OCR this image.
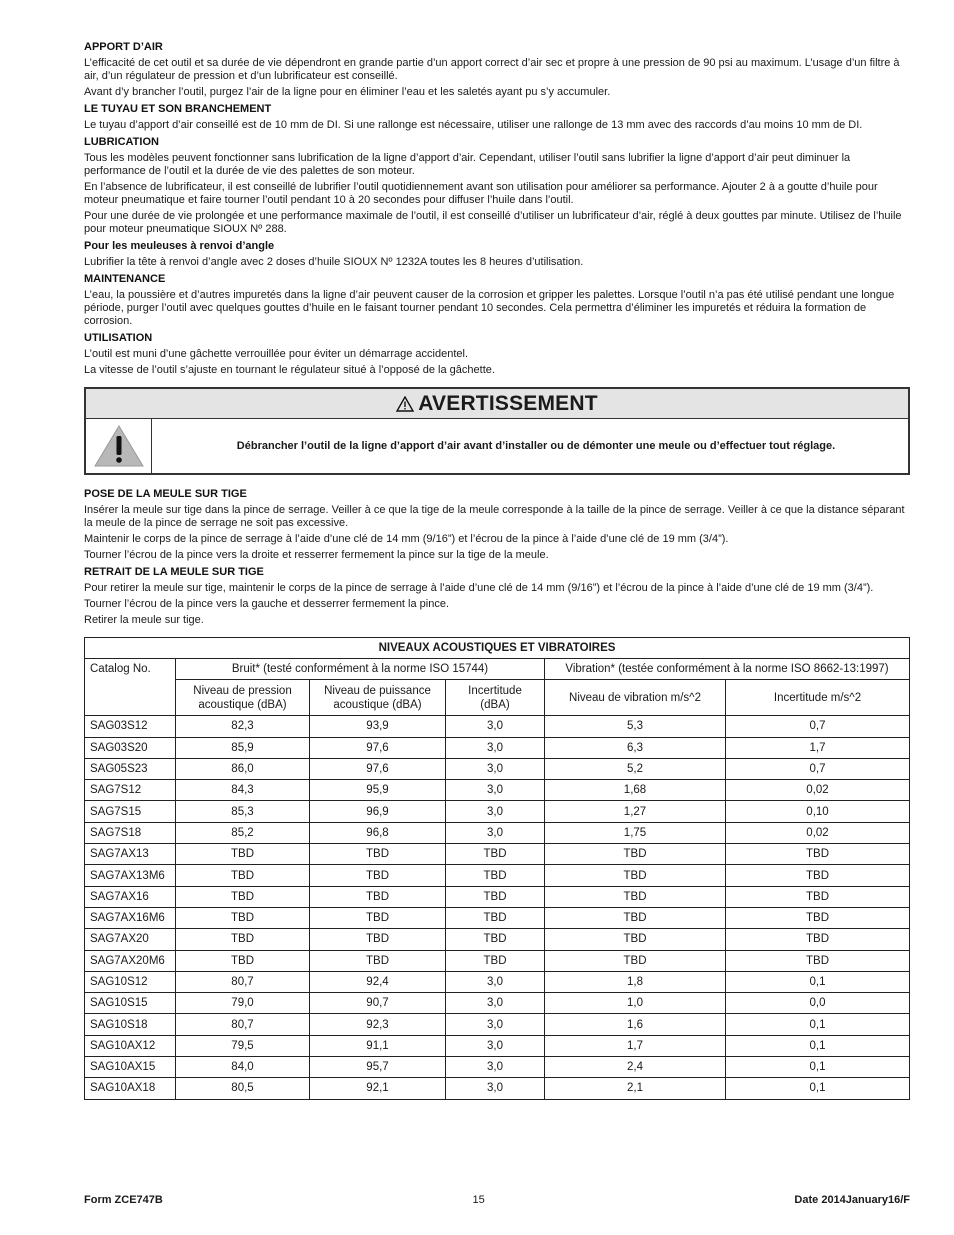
APPORT D’AIR

L’efficacité de cet outil et sa durée de vie dépendront en grande partie d’un apport correct d’air sec et propre à une pression de 90 psi au maximum. L’usage d’un filtre à air, d’un régulateur de pression et d’un lubrificateur est conseillé.

Avant d’y brancher l’outil, purgez l’air de la ligne pour en éliminer l’eau et les saletés ayant pu s’y accumuler.

LE TUYAU ET SON BRANCHEMENT

Le tuyau d’apport d’air conseillé est de 10 mm de DI. Si une rallonge est nécessaire, utiliser une rallonge de 13 mm avec des raccords d’au moins 10 mm de DI.

LUBRICATION

Tous les modèles peuvent fonctionner sans lubrification de la ligne d’apport d’air. Cependant, utiliser l’outil sans lubrifier la ligne d’apport d’air peut diminuer la performance de l’outil et la durée de vie des palettes de son moteur.

En l’absence de lubrificateur, il est conseillé de lubrifier l’outil quotidiennement avant son utilisation pour améliorer sa performance. Ajouter 2 à a goutte d’huile pour moteur pneumatique et faire tourner l’outil pendant 10 à 20 secondes pour diffuser l’huile dans l’outil.

Pour une durée de vie prolongée et une performance maximale de l’outil, il est conseillé d’utiliser un lubrificateur d’air, réglé à deux gouttes par minute. Utilisez de l’huile pour moteur pneumatique SIOUX Nº 288.

Pour les meuleuses à renvoi d’angle

Lubrifier la tête à renvoi d’angle avec 2 doses d’huile SIOUX Nº 1232A toutes les 8 heures d’utilisation.

MAINTENANCE

L’eau, la poussière et d’autres impuretés dans la ligne d’air peuvent causer de la corrosion et gripper les palettes. Lorsque l’outil n’a pas été utilisé pendant une longue période, purger l’outil avec quelques gouttes d’huile en le faisant tourner pendant 10 secondes. Cela permettra d’éliminer les impuretés et réduira la formation de corrosion.

UTILISATION

L’outil est muni d’une gâchette verrouillée pour éviter un démarrage accidentel.

La vitesse de l’outil s’ajuste en tournant le régulateur situé à l’opposé de la gâchette.

AVERTISSEMENT
Débrancher l’outil de la ligne d’apport d’air avant d’installer ou de démonter une meule ou d’effectuer tout réglage.
POSE DE LA MEULE SUR TIGE

Insérer la meule sur tige dans la pince de serrage. Veiller à ce que la tige de la meule corresponde à la taille de la pince de serrage. Veiller à ce que la distance séparant la meule de la pince de serrage ne soit pas excessive.

Maintenir le corps de la pince de serrage à l’aide d’une clé de 14 mm (9/16”) et l’écrou de la pince à l’aide d’une clé de 19 mm (3/4”).

Tourner l’écrou de la pince vers la droite et resserrer fermement la pince sur la tige de la meule.

RETRAIT DE LA MEULE SUR TIGE

Pour retirer la meule sur tige, maintenir le corps de la pince de serrage à l’aide d’une clé de 14 mm (9/16”) et l’écrou de la pince à l’aide d’une clé de 19 mm (3/4”).

Tourner l’écrou de la pince vers la gauche et desserrer fermement la pince.

Retirer la meule sur tige.

NIVEAUX ACOUSTIQUES ET VIBRATOIRES					
Catalog No.	Bruit* (testé conformément à la norme ISO 15744)			Vibration* (testée conformément à la norme ISO 8662-13:1997)	
	Niveau de pression acoustique (dBA)	Niveau de puissance acoustique (dBA)	Incertitude (dBA)	Niveau de vibration m/s^2	Incertitude m/s^2
SAG03S12	82,3	93,9	3,0	5,3	0,7
SAG03S20	85,9	97,6	3,0	6,3	1,7
SAG05S23	86,0	97,6	3,0	5,2	0,7
SAG7S12	84,3	95,9	3,0	1,68	0,02
SAG7S15	85,3	96,9	3,0	1,27	0,10
SAG7S18	85,2	96,8	3,0	1,75	0,02
SAG7AX13	TBD	TBD	TBD	TBD	TBD
SAG7AX13M6	TBD	TBD	TBD	TBD	TBD
SAG7AX16	TBD	TBD	TBD	TBD	TBD
SAG7AX16M6	TBD	TBD	TBD	TBD	TBD
SAG7AX20	TBD	TBD	TBD	TBD	TBD
SAG7AX20M6	TBD	TBD	TBD	TBD	TBD
SAG10S12	80,7	92,4	3,0	1,8	0,1
SAG10S15	79,0	90,7	3,0	1,0	0,0
SAG10S18	80,7	92,3	3,0	1,6	0,1
SAG10AX12	79,5	91,1	3,0	1,7	0,1
SAG10AX15	84,0	95,7	3,0	2,4	0,1
SAG10AX18	80,5	92,1	3,0	2,1	0,1
Form ZCE747B	15	Date 2014January16/F
